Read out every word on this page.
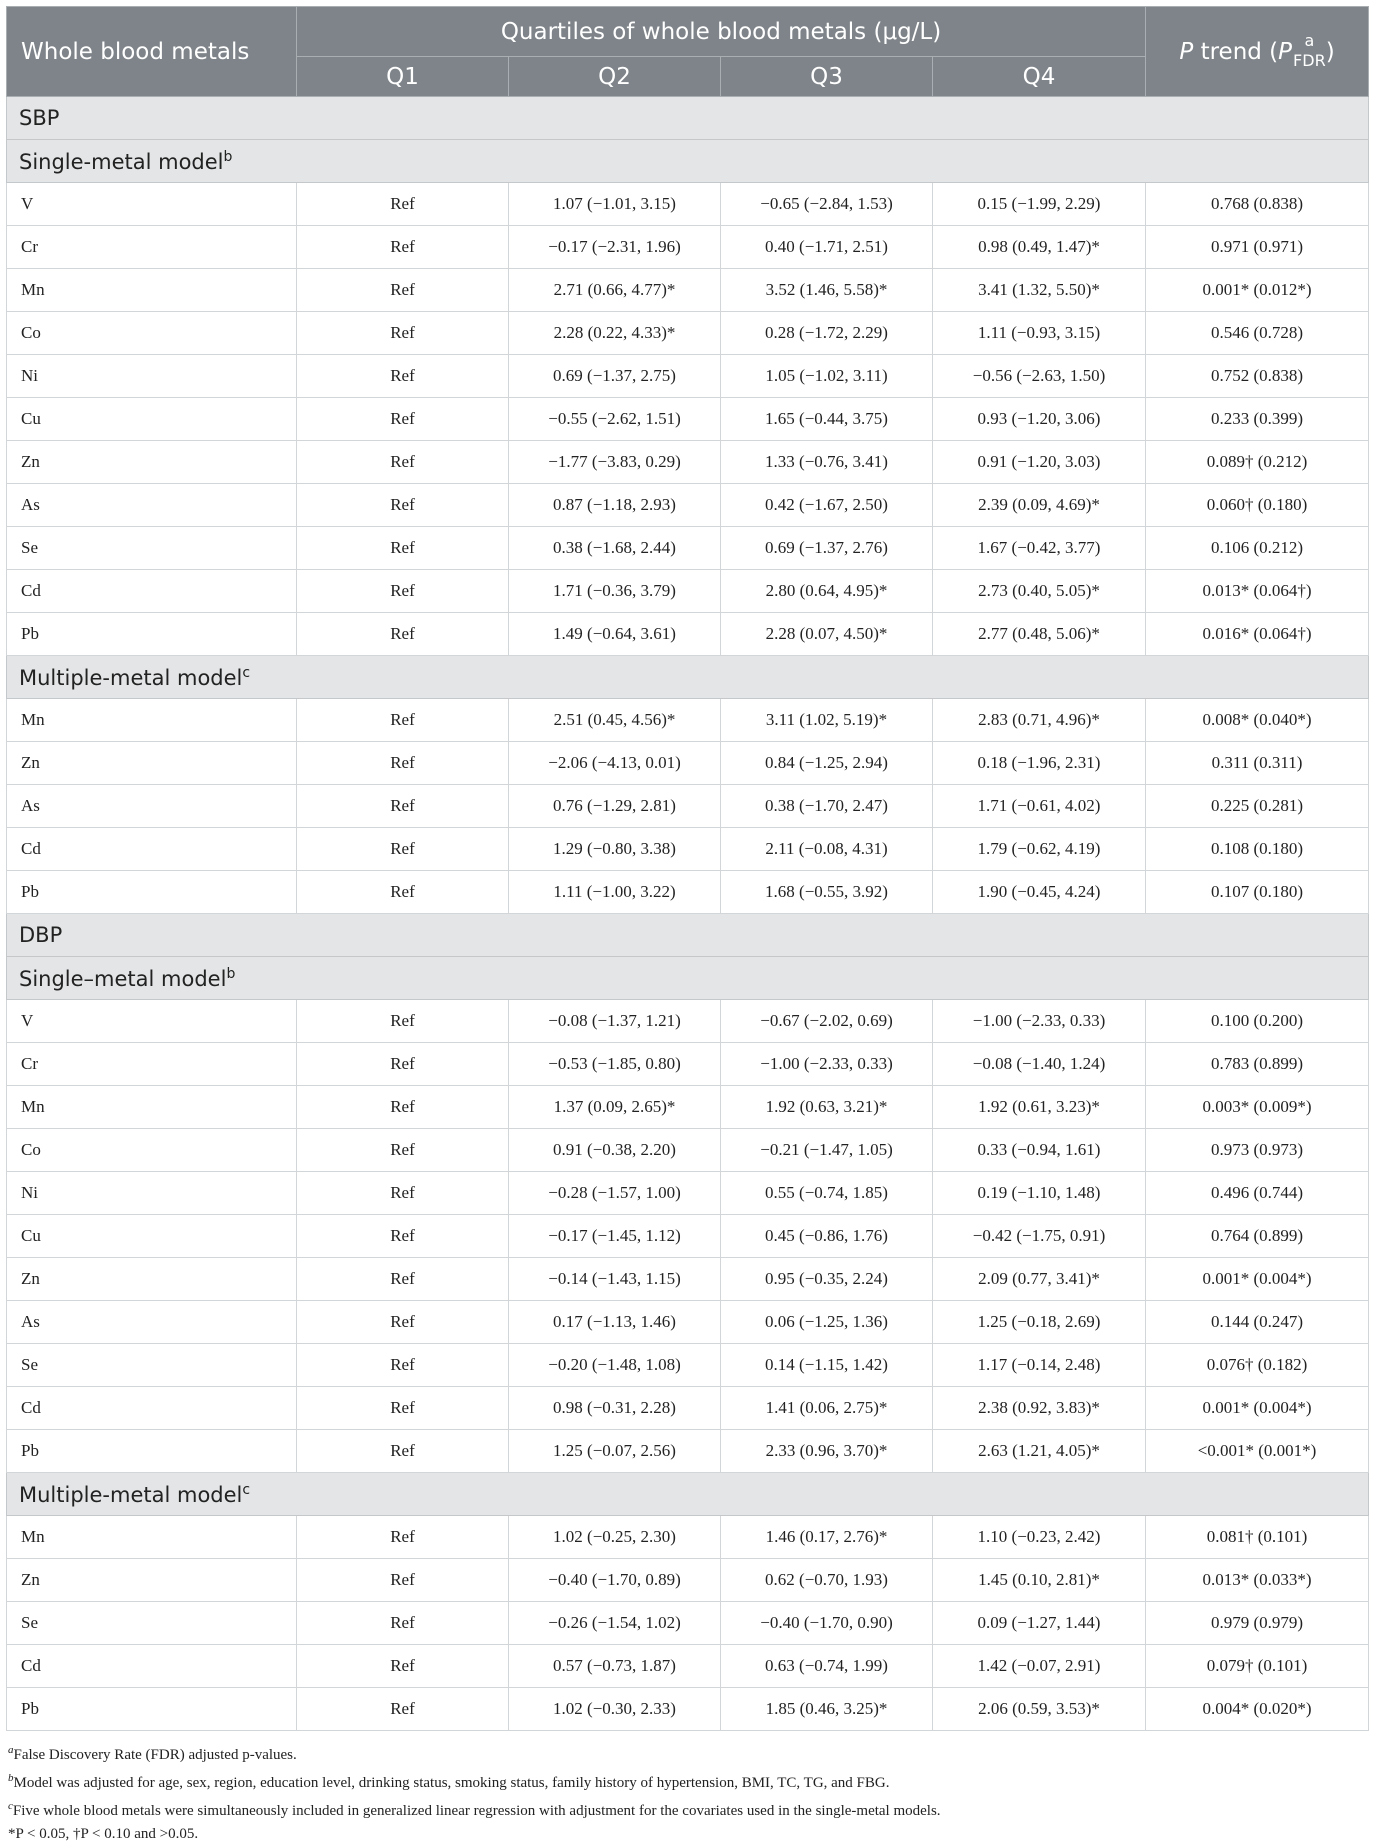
Whole blood metals	Quartiles of whole blood metals (μg/L)				P trend (P a
FDR )
	Q1	Q2	Q3	Q4	
SBP					
Single-metal model$^b$
V	Ref	1.07 (−1.01, 3.15)	−0.65 (−2.84, 1.53)	0.15 (−1.99, 2.29)	0.768 (0.838)
Cr	Ref	−0.17 (−2.31, 1.96)	0.40 (−1.71, 2.51)	0.98 (0.49, 1.47)*	0.971 (0.971)
Mn	Ref	2.71 (0.66, 4.77)*	3.52 (1.46, 5.58)*	3.41 (1.32, 5.50)*	0.001* (0.012*)
Co	Ref	2.28 (0.22, 4.33)*	0.28 (−1.72, 2.29)	1.11 (−0.93, 3.15)	0.546 (0.728)
Ni	Ref	0.69 (−1.37, 2.75)	1.05 (−1.02, 3.11)	−0.56 (−2.63, 1.50)	0.752 (0.838)
Cu	Ref	−0.55 (−2.62, 1.51)	1.65 (−0.44, 3.75)	0.93 (−1.20, 3.06)	0.233 (0.399)
Zn	Ref	−1.77 (−3.83, 0.29)	1.33 (−0.76, 3.41)	0.91 (−1.20, 3.03)	0.089† (0.212)
As	Ref	0.87 (−1.18, 2.93)	0.42 (−1.67, 2.50)	2.39 (0.09, 4.69)*	0.060† (0.180)
Se	Ref	0.38 (−1.68, 2.44)	0.69 (−1.37, 2.76)	1.67 (−0.42, 3.77)	0.106 (0.212)
Cd	Ref	1.71 (−0.36, 3.79)	2.80 (0.64, 4.95)*	2.73 (0.40, 5.05)*	0.013* (0.064†)
Pb	Ref	1.49 (−0.64, 3.61)	2.28 (0.07, 4.50)*	2.77 (0.48, 5.06)*	0.016* (0.064†)
Multiple-metal model$^c$
Mn	Ref	2.51 (0.45, 4.56)*	3.11 (1.02, 5.19)*	2.83 (0.71, 4.96)*	0.008* (0.040*)
Zn	Ref	−2.06 (−4.13, 0.01)	0.84 (−1.25, 2.94)	0.18 (−1.96, 2.31)	0.311 (0.311)
As	Ref	0.76 (−1.29, 2.81)	0.38 (−1.70, 2.47)	1.71 (−0.61, 4.02)	0.225 (0.281)
Cd	Ref	1.29 (−0.80, 3.38)	2.11 (−0.08, 4.31)	1.79 (−0.62, 4.19)	0.108 (0.180)
Pb	Ref	1.11 (−1.00, 3.22)	1.68 (−0.55, 3.92)	1.90 (−0.45, 4.24)	0.107 (0.180)
DBP					
Single–metal model$^b$
V	Ref	−0.08 (−1.37, 1.21)	−0.67 (−2.02, 0.69)	−1.00 (−2.33, 0.33)	0.100 (0.200)
Cr	Ref	−0.53 (−1.85, 0.80)	−1.00 (−2.33, 0.33)	−0.08 (−1.40, 1.24)	0.783 (0.899)
Mn	Ref	1.37 (0.09, 2.65)*	1.92 (0.63, 3.21)*	1.92 (0.61, 3.23)*	0.003* (0.009*)
Co	Ref	0.91 (−0.38, 2.20)	−0.21 (−1.47, 1.05)	0.33 (−0.94, 1.61)	0.973 (0.973)
Ni	Ref	−0.28 (−1.57, 1.00)	0.55 (−0.74, 1.85)	0.19 (−1.10, 1.48)	0.496 (0.744)
Cu	Ref	−0.17 (−1.45, 1.12)	0.45 (−0.86, 1.76)	−0.42 (−1.75, 0.91)	0.764 (0.899)
Zn	Ref	−0.14 (−1.43, 1.15)	0.95 (−0.35, 2.24)	2.09 (0.77, 3.41)*	0.001* (0.004*)
As	Ref	0.17 (−1.13, 1.46)	0.06 (−1.25, 1.36)	1.25 (−0.18, 2.69)	0.144 (0.247)
Se	Ref	−0.20 (−1.48, 1.08)	0.14 (−1.15, 1.42)	1.17 (−0.14, 2.48)	0.076† (0.182)
Cd	Ref	0.98 (−0.31, 2.28)	1.41 (0.06, 2.75)*	2.38 (0.92, 3.83)*	0.001* (0.004*)
Pb	Ref	1.25 (−0.07, 2.56)	2.33 (0.96, 3.70)*	2.63 (1.21, 4.05)*	<0.001* (0.001*)
Multiple-metal model$^c$
Mn	Ref	1.02 (−0.25, 2.30)	1.46 (0.17, 2.76)*	1.10 (−0.23, 2.42)	0.081† (0.101)
Zn	Ref	−0.40 (−1.70, 0.89)	0.62 (−0.70, 1.93)	1.45 (0.10, 2.81)*	0.013* (0.033*)
Se	Ref	−0.26 (−1.54, 1.02)	−0.40 (−1.70, 0.90)	0.09 (−1.27, 1.44)	0.979 (0.979)
Cd	Ref	0.57 (−0.73, 1.87)	0.63 (−0.74, 1.99)	1.42 (−0.07, 2.91)	0.079† (0.101)
Pb	Ref	1.02 (−0.30, 2.33)	1.85 (0.46, 3.25)*	2.06 (0.59, 3.53)*	0.004* (0.020*)
$^a$False Discovery Rate (FDR) adjusted p-values.
$^b$Model was adjusted for age, sex, region, education level, drinking status, smoking status, family history of hypertension, BMI, TC, TG, and FBG.
$^c$Five whole blood metals were simultaneously included in generalized linear regression with adjustment for the covariates used in the single-metal models.
*P < 0.05, †P < 0.10 and >0.05.
